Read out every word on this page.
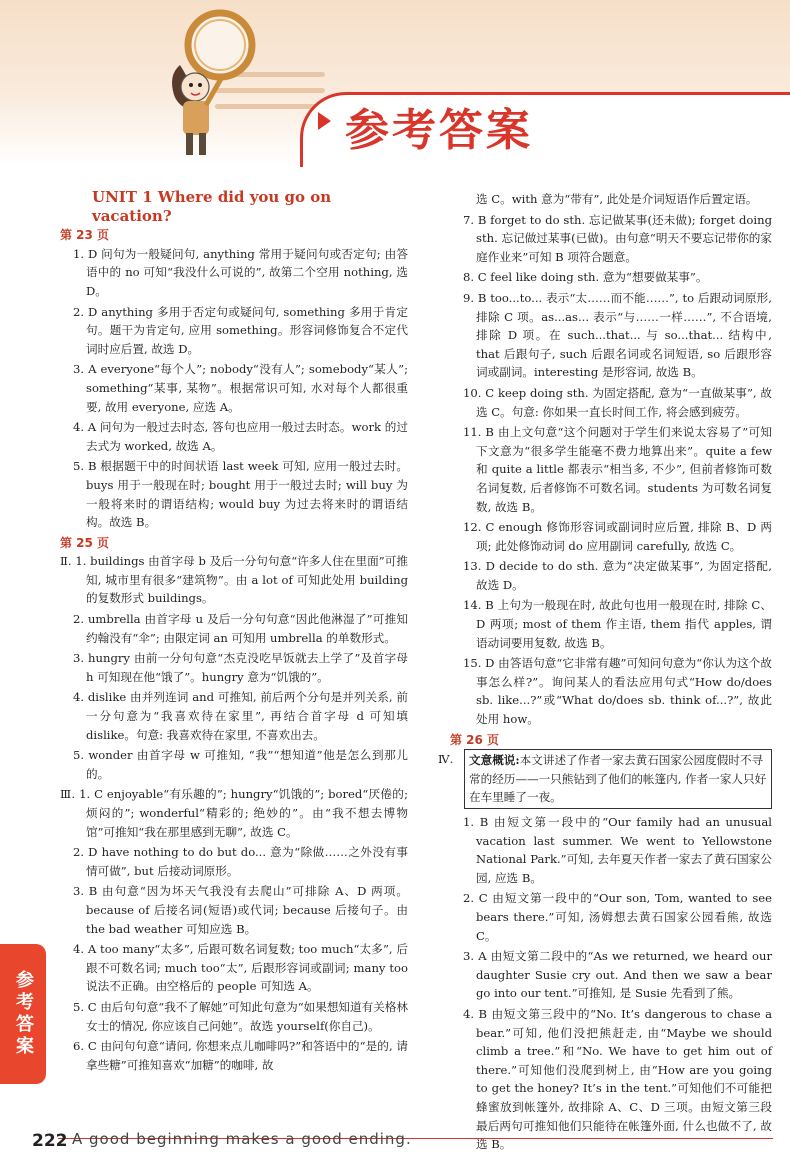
参考答案
参考答案
UNIT 1 Where did you go on vacation?
第 23 页

1. D 问句为一般疑问句, anything 常用于疑问句或否定句; 由答语中的 no 可知“我没什么可说的”, 故第二个空用 nothing, 选 D。

2. D anything 多用于否定句或疑问句, something 多用于肯定句。题干为肯定句, 应用 something。形容词修饰复合不定代词时应后置, 故选 D。

3. A everyone“每个人”; nobody“没有人”; somebody“某人”; something“某事, 某物”。根据常识可知, 水对每个人都很重要, 故用 everyone, 应选 A。

4. A 问句为一般过去时态, 答句也应用一般过去时态。work 的过去式为 worked, 故选 A。

5. B 根据题干中的时间状语 last week 可知, 应用一般过去时。buys 用于一般现在时; bought 用于一般过去时; will buy 为一般将来时的谓语结构; would buy 为过去将来时的谓语结构。故选 B。

第 25 页

Ⅱ. 1. buildings 由首字母 b 及后一分句句意“许多人住在里面”可推知, 城市里有很多“建筑物”。由 a lot of 可知此处用 building 的复数形式 buildings。

2. umbrella 由首字母 u 及后一分句句意“因此他淋湿了”可推知约翰没有“伞”; 由限定词 an 可知用 umbrella 的单数形式。

3. hungry 由前一分句句意“杰克没吃早饭就去上学了”及首字母 h 可知现在他“饿了”。hungry 意为“饥饿的”。

4. dislike 由并列连词 and 可推知, 前后两个分句是并列关系, 前一分句意为“我喜欢待在家里”, 再结合首字母 d 可知填 dislike。句意: 我喜欢待在家里, 不喜欢出去。

5. wonder 由首字母 w 可推知, “我”“想知道”他是怎么到那儿的。

Ⅲ. 1. C enjoyable“有乐趣的”; hungry“饥饿的”; bored“厌倦的; 烦闷的”; wonderful“精彩的; 绝妙的”。由“我不想去博物馆”可推知“我在那里感到无聊”, 故选 C。

2. D have nothing to do but do... 意为“除做……之外没有事情可做”, but 后接动词原形。

3. B 由句意“因为坏天气我没有去爬山”可排除 A、D 两项。because of 后接名词(短语)或代词; because 后接句子。由 the bad weather 可知应选 B。

4. A too many“太多”, 后跟可数名词复数; too much“太多”, 后跟不可数名词; much too“太”, 后跟形容词或副词; many too 说法不正确。由空格后的 people 可知选 A。

5. C 由后句句意“我不了解她”可知此句意为“如果想知道有关格林女士的情况, 你应该自己问她”。故选 yourself(你自己)。

6. C 由问句句意“请问, 你想来点儿咖啡吗?”和答语中的“是的, 请拿些糖”可推知喜欢“加糖”的咖啡, 故

选 C。with 意为“带有”, 此处是介词短语作后置定语。

7. B forget to do sth. 忘记做某事(还未做); forget doing sth. 忘记做过某事(已做)。由句意“明天不要忘记带你的家庭作业来”可知 B 项符合题意。

8. C feel like doing sth. 意为“想要做某事”。

9. B too...to... 表示“太……而不能……”, to 后跟动词原形, 排除 C 项。as...as... 表示“与……一样……”, 不合语境, 排除 D 项。在 such...that... 与 so...that... 结构中, that 后跟句子, such 后跟名词或名词短语, so 后跟形容词或副词。interesting 是形容词, 故选 B。

10. C keep doing sth. 为固定搭配, 意为“一直做某事”, 故选 C。句意: 你如果一直长时间工作, 将会感到疲劳。

11. B 由上文句意“这个问题对于学生们来说太容易了”可知下文意为“很多学生能毫不费力地算出来”。quite a few 和 quite a little 都表示“相当多, 不少”, 但前者修饰可数名词复数, 后者修饰不可数名词。students 为可数名词复数, 故选 B。

12. C enough 修饰形容词或副词时应后置, 排除 B、D 两项; 此处修饰动词 do 应用副词 carefully, 故选 C。

13. D decide to do sth. 意为“决定做某事”, 为固定搭配, 故选 D。

14. B 上句为一般现在时, 故此句也用一般现在时, 排除 C、D 两项; most of them 作主语, them 指代 apples, 谓语动词要用复数, 故选 B。

15. D 由答语句意“它非常有趣”可知问句意为“你认为这个故事怎么样?”。询问某人的看法应用句式“How do/does sb. like...?”或“What do/does sb. think of...?”, 故此处用 how。

第 26 页
Ⅳ.	文意概说:本文讲述了作者一家去黄石国家公园度假时不寻常的经历——一只熊钻到了他们的帐篷内, 作者一家人只好在车里睡了一夜。

1. B 由短文第一段中的“Our family had an unusual vacation last summer. We went to Yellowstone National Park.”可知, 去年夏天作者一家去了黄石国家公园, 应选 B。

2. C 由短文第一段中的“Our son, Tom, wanted to see bears there.”可知, 汤姆想去黄石国家公园看熊, 故选 C。

3. A 由短文第二段中的“As we returned, we heard our daughter Susie cry out. And then we saw a bear go into our tent.”可推知, 是 Susie 先看到了熊。

4. B 由短文第三段中的“No. It’s dangerous to chase a bear.”可知, 他们没把熊赶走, 由“Maybe we should climb a tree.”和“No. We have to get him out of there.”可知他们没爬到树上, 由“How are you going to get the honey? It’s in the tent.”可知他们不可能把蜂蜜放到帐篷外, 故排除 A、C、D 三项。由短文第三段最后两句可推知他们只能待在帐篷外面, 什么也做不了, 故选 B。

222 A good beginning makes a good ending.
